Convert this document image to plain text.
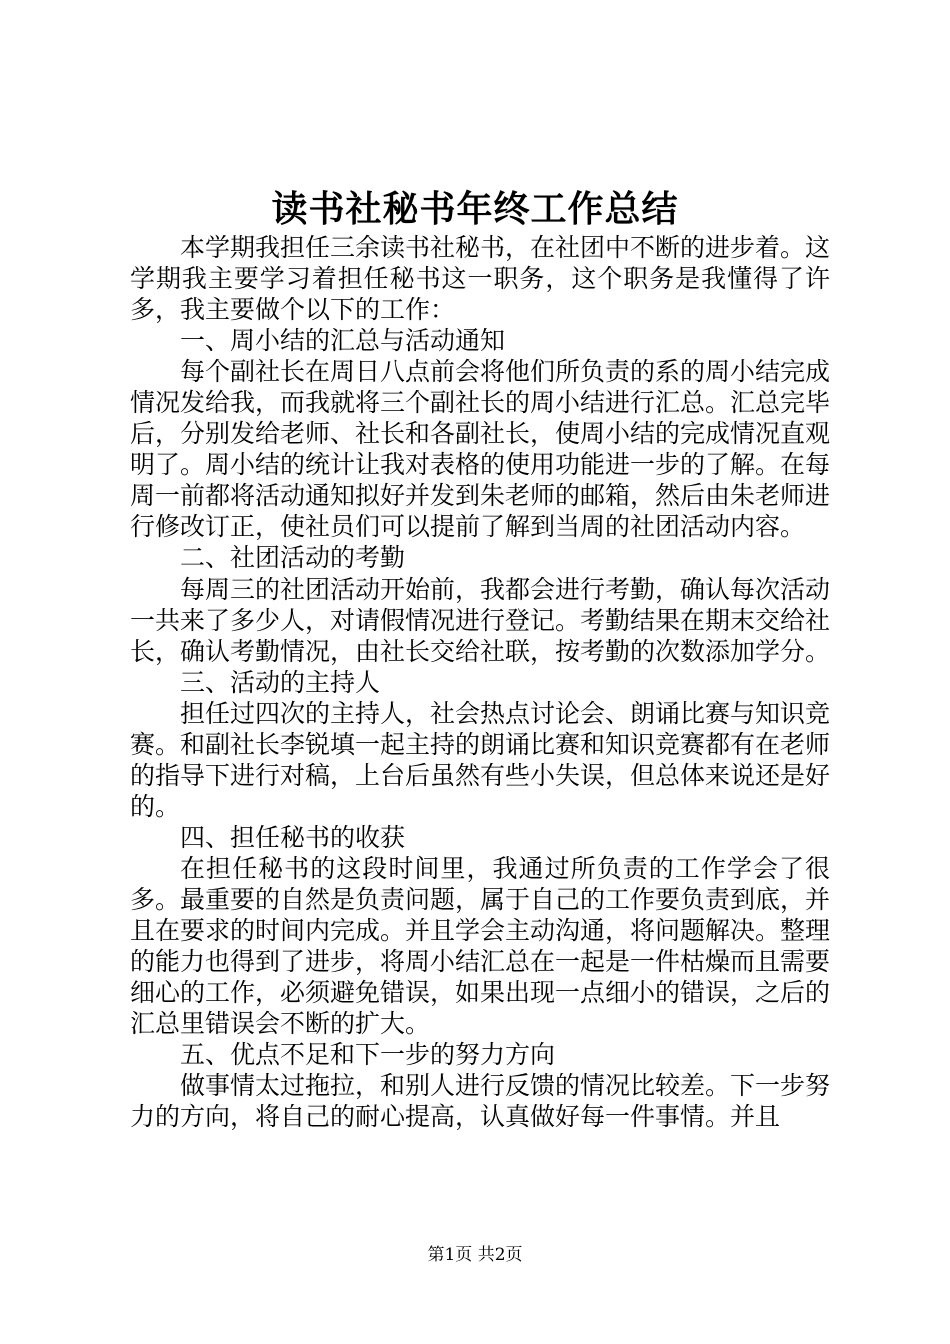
读书社秘书年终工作总结

本学期我担任三余读书社秘书，在社团中不断的进步着。这学期我主要学习着担任秘书这一职务，这个职务是我懂得了许多，我主要做个以下的工作：

一、周小结的汇总与活动通知

每个副社长在周日八点前会将他们所负责的系的周小结完成情况发给我，而我就将三个副社长的周小结进行汇总。汇总完毕后，分别发给老师、社长和各副社长，使周小结的完成情况直观明了。周小结的统计让我对表格的使用功能进一步的了解。在每周一前都将活动通知拟好并发到朱老师的邮箱，然后由朱老师进行修改订正，使社员们可以提前了解到当周的社团活动内容。

二、社团活动的考勤

每周三的社团活动开始前，我都会进行考勤，确认每次活动一共来了多少人，对请假情况进行登记。考勤结果在期末交给社长，确认考勤情况，由社长交给社联，按考勤的次数添加学分。

三、活动的主持人

担任过四次的主持人，社会热点讨论会、朗诵比赛与知识竞赛。和副社长李锐填一起主持的朗诵比赛和知识竞赛都有在老师的指导下进行对稿，上台后虽然有些小失误，但总体来说还是好的。

四、担任秘书的收获

在担任秘书的这段时间里，我通过所负责的工作学会了很多。最重要的自然是负责问题，属于自己的工作要负责到底，并且在要求的时间内完成。并且学会主动沟通，将问题解决。整理的能力也得到了进步，将周小结汇总在一起是一件枯燥而且需要细心的工作，必须避免错误，如果出现一点细小的错误，之后的汇总里错误会不断的扩大。

五、优点不足和下一步的努力方向

做事情太过拖拉，和别人进行反馈的情况比较差。下一步努力的方向，将自己的耐心提高，认真做好每一件事情。并且

第1页 共2页
